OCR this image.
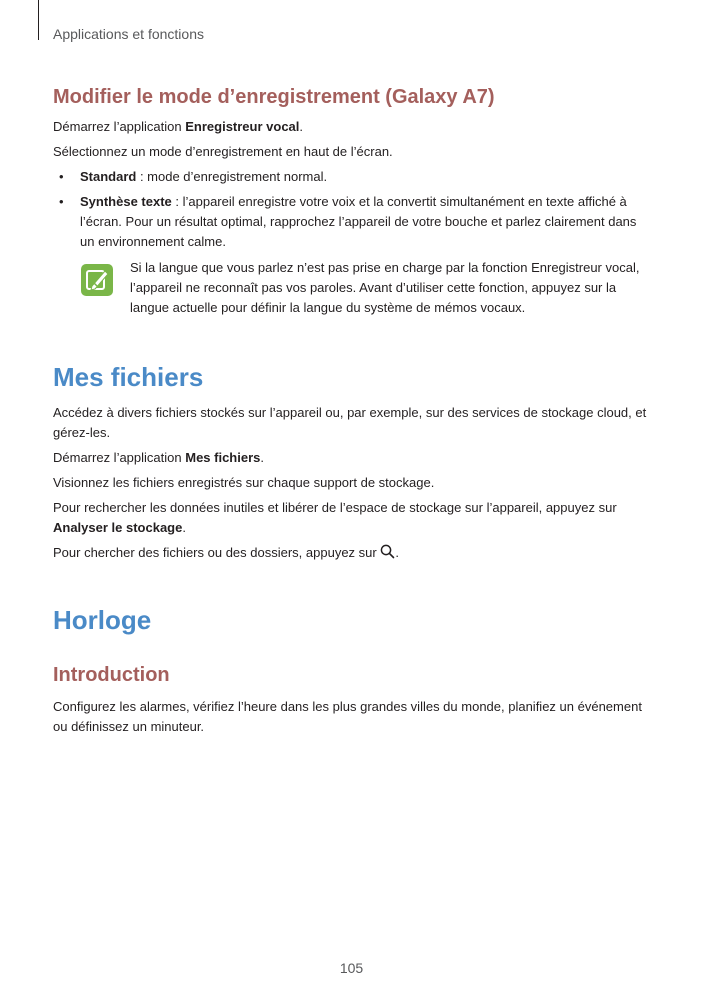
Applications et fonctions
Modifier le mode d’enregistrement (Galaxy A7)

Démarrez l’application Enregistreur vocal.

Sélectionnez un mode d’enregistrement en haut de l’écran.

• Standard : mode d’enregistrement normal.
• Synthèse texte : l’appareil enregistre votre voix et la convertit simultanément en texte affiché à l’écran. Pour un résultat optimal, rapprochez l’appareil de votre bouche et parlez clairement dans un environnement calme.

Si la langue que vous parlez n’est pas prise en charge par la fonction Enregistreur vocal, l’appareil ne reconnaît pas vos paroles. Avant d’utiliser cette fonction, appuyez sur la langue actuelle pour définir la langue du système de mémos vocaux.

Mes fichiers

Accédez à divers fichiers stockés sur l’appareil ou, par exemple, sur des services de stockage cloud, et gérez-les.

Démarrez l’application Mes fichiers.

Visionnez les fichiers enregistrés sur chaque support de stockage.

Pour rechercher les données inutiles et libérer de l’espace de stockage sur l’appareil, appuyez sur Analyser le stockage.

Pour chercher des fichiers ou des dossiers, appuyez sur .

Horloge
Introduction

Configurez les alarmes, vérifiez l’heure dans les plus grandes villes du monde, planifiez un événement ou définissez un minuteur.

105
